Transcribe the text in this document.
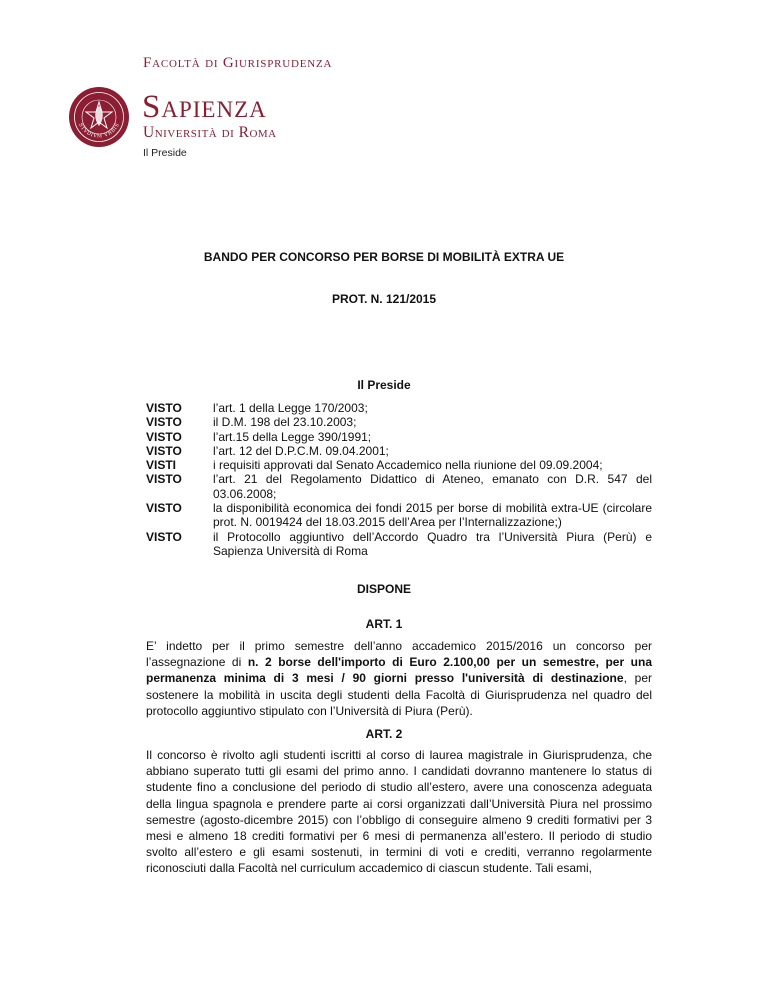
Facoltà di Giurisprudenza
STVDIVM VRBIS
Sapienza
Università di Roma
Il Preside
BANDO PER CONCORSO PER BORSE DI MOBILITÀ EXTRA UE
PROT. N. 121/2015
Il Preside
VISTO	l’art. 1 della Legge 170/2003;
VISTO	il D.M. 198 del 23.10.2003;
VISTO	l’art.15 della Legge 390/1991;
VISTO	l’art. 12 del D.P.C.M. 09.04.2001;
VISTI	i requisiti approvati dal Senato Accademico nella riunione del 09.09.2004;
VISTO	l’art. 21 del Regolamento Didattico di Ateneo, emanato con D.R. 547 del 03.06.2008;
VISTO	la disponibilità economica dei fondi 2015 per borse di mobilità extra-UE (circolare prot. N. 0019424 del 18.03.2015 dell’Area per l’Internalizzazione;)
VISTO	il Protocollo aggiuntivo dell’Accordo Quadro tra l’Università Piura (Perù) e Sapienza Università di Roma
DISPONE
ART. 1

E’ indetto per il primo semestre dell’anno accademico 2015/2016 un concorso per l’assegnazione di n. 2 borse dell'importo di Euro 2.100,00 per un semestre, per una permanenza minima di 3 mesi / 90 giorni presso l'università di destinazione, per sostenere la mobilità in uscita degli studenti della Facoltà di Giurisprudenza nel quadro del protocollo aggiuntivo stipulato con l’Università di Piura (Perù).

ART. 2

Il concorso è rivolto agli studenti iscritti al corso di laurea magistrale in Giurisprudenza, che abbiano superato tutti gli esami del primo anno. I candidati dovranno mantenere lo status di studente fino a conclusione del periodo di studio all’estero, avere una conoscenza adeguata della lingua spagnola e prendere parte ai corsi organizzati dall’Università Piura nel prossimo semestre (agosto-dicembre 2015) con l’obbligo di conseguire almeno 9 crediti formativi per 3 mesi e almeno 18 crediti formativi per 6 mesi di permanenza all’estero. Il periodo di studio svolto all’estero e gli esami sostenuti, in termini di voti e crediti, verranno regolarmente riconosciuti dalla Facoltà nel curriculum accademico di ciascun studente. Tali esami,
